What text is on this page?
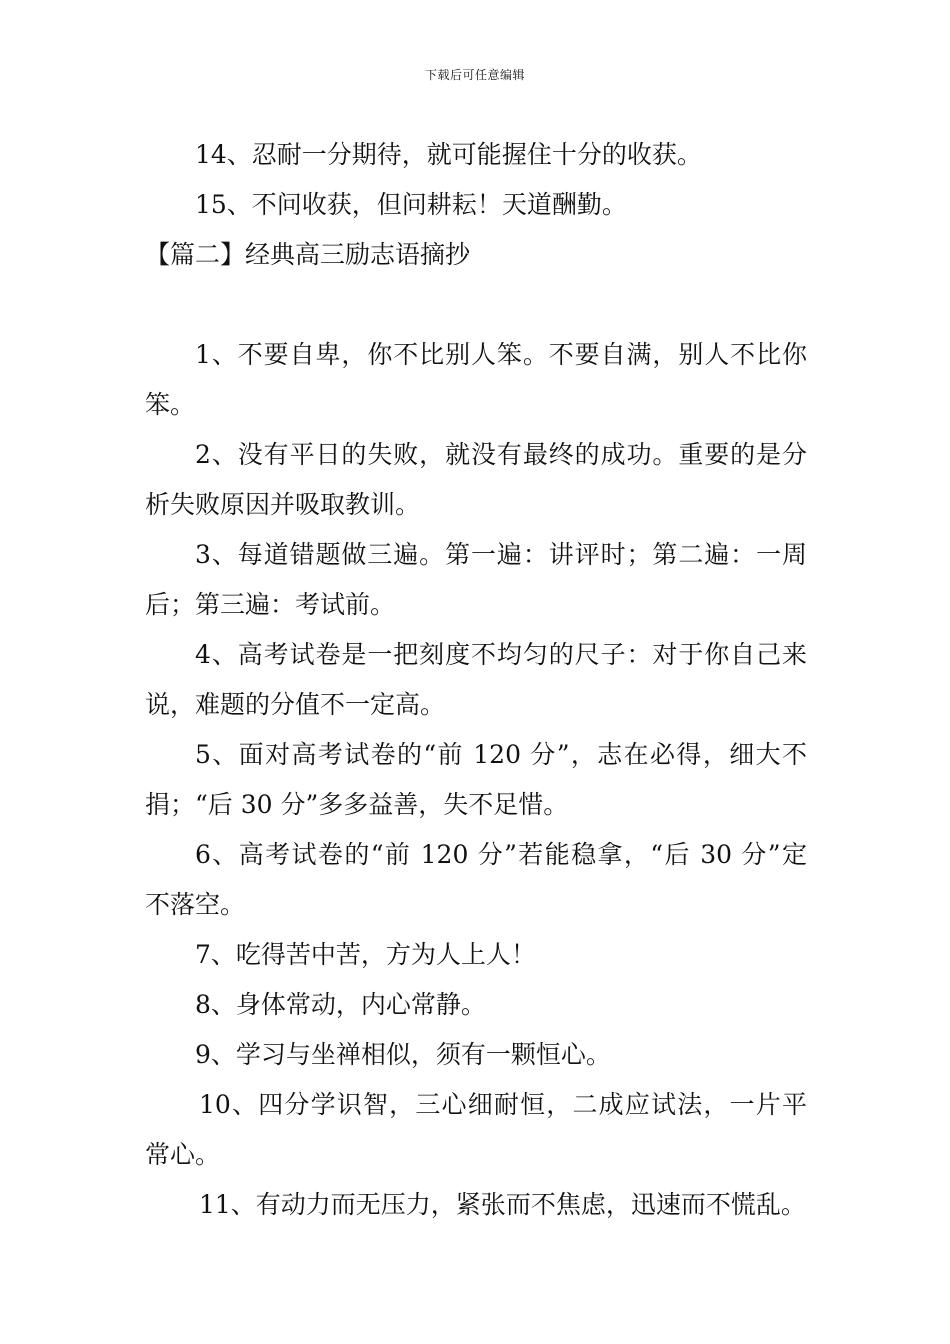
下载后可任意编辑
14、忍耐一分期待，就可能握住十分的收获。
15、不问收获，但问耕耘！天道酬勤。
【篇二】经典高三励志语摘抄
1、不要自卑，你不比别人笨。不要自满，别人不比你
笨。
2、没有平日的失败，就没有最终的成功。重要的是分
析失败原因并吸取教训。
3、每道错题做三遍。第一遍：讲评时；第二遍：一周
后；第三遍：考试前。
4、高考试卷是一把刻度不均匀的尺子：对于你自己来
说，难题的分值不一定高。
5、面对高考试卷的“前 120 分”，志在必得，细大不
捐；“后 30 分”多多益善，失不足惜。
6、高考试卷的“前 120 分”若能稳拿，“后 30 分”定
不落空。
7、吃得苦中苦，方为人上人！
8、身体常动，内心常静。
9、学习与坐禅相似，须有一颗恒心。
10、四分学识智，三心细耐恒，二成应试法，一片平
常心。
11、有动力而无压力，紧张而不焦虑，迅速而不慌乱。
